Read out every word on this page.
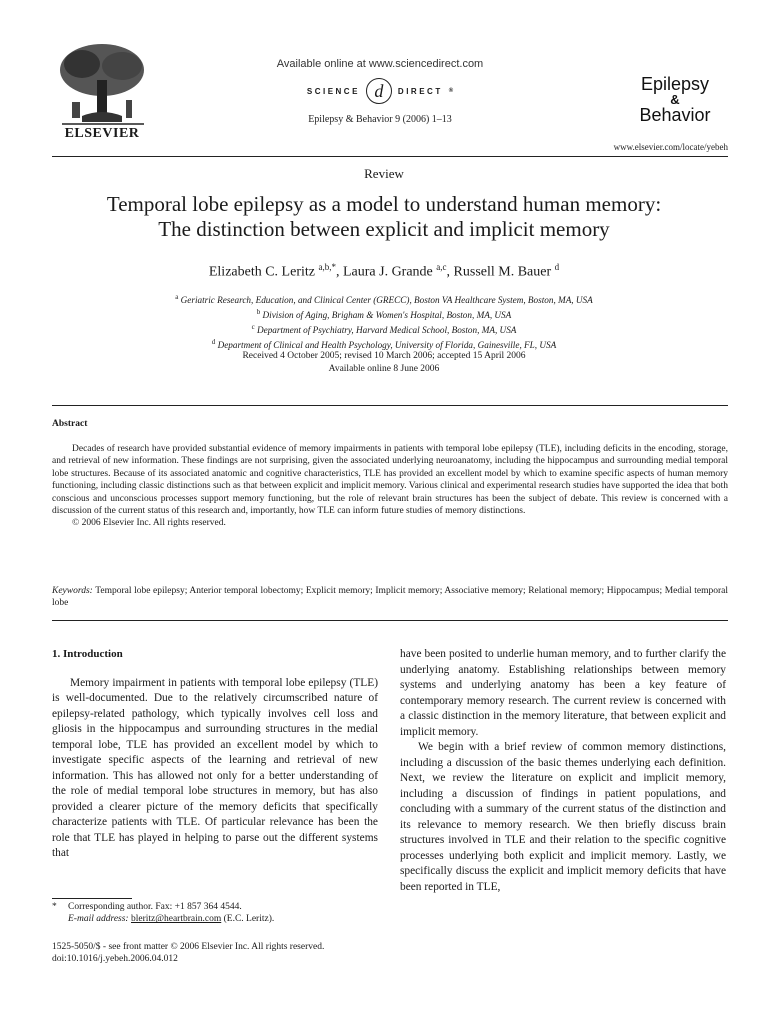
ELSEVIER
Available online at www.sciencedirect.com
SCIENCE d	DIRECT ®
Epilepsy & Behavior 9 (2006) 1–13
Epilepsy
&
Behavior
www.elsevier.com/locate/yebeh
Review
Temporal lobe epilepsy as a model to understand human memory:
The distinction between explicit and implicit memory
Elizabeth C. Leritz $^{a,b,*}$, Laura J. Grande $^{a,c}$, Russell M. Bauer $^d$
$^a$ Geriatric Research, Education, and Clinical Center (GRECC), Boston VA Healthcare System, Boston, MA, USA
$^b$ Division of Aging, Brigham & Women's Hospital, Boston, MA, USA
$^c$ Department of Psychiatry, Harvard Medical School, Boston, MA, USA
$^d$ Department of Clinical and Health Psychology, University of Florida, Gainesville, FL, USA
Received 4 October 2005; revised 10 March 2006; accepted 15 April 2006
Available online 8 June 2006
Abstract
Decades of research have provided substantial evidence of memory impairments in patients with temporal lobe epilepsy (TLE), including deficits in the encoding, storage, and retrieval of new information. These findings are not surprising, given the associated underlying neuroanatomy, including the hippocampus and surrounding medial temporal lobe structures. Because of its associated anatomic and cognitive characteristics, TLE has provided an excellent model by which to examine specific aspects of human memory functioning, including classic distinctions such as that between explicit and implicit memory. Various clinical and experimental research studies have supported the idea that both conscious and unconscious processes support memory functioning, but the role of relevant brain structures has been the subject of debate. This review is concerned with a discussion of the current status of this research and, importantly, how TLE can inform future studies of memory distinctions.
© 2006 Elsevier Inc. All rights reserved.
Keywords: Temporal lobe epilepsy; Anterior temporal lobectomy; Explicit memory; Implicit memory; Associative memory; Relational memory; Hippocampus; Medial temporal lobe
1. Introduction

Memory impairment in patients with temporal lobe epilepsy (TLE) is well-documented. Due to the relatively circumscribed nature of epilepsy-related pathology, which typically involves cell loss and gliosis in the hippocampus and surrounding structures in the medial temporal lobe, TLE has provided an excellent model by which to investigate specific aspects of the learning and retrieval of new information. This has allowed not only for a better understanding of the role of medial temporal lobe structures in memory, but has also provided a clearer picture of the memory deficits that specifically characterize patients with TLE. Of particular relevance has been the role that TLE has played in helping to parse out the different systems that

have been posited to underlie human memory, and to further clarify the underlying anatomy. Establishing relationships between memory systems and underlying anatomy has been a key feature of contemporary memory research. The current review is concerned with a classic distinction in the memory literature, that between explicit and implicit memory.

We begin with a brief review of common memory distinctions, including a discussion of the basic themes underlying each definition. Next, we review the literature on explicit and implicit memory, including a discussion of findings in patient populations, and concluding with a summary of the current status of the distinction and its relevance to memory research. We then briefly discuss brain structures involved in TLE and their relation to the specific cognitive processes underlying both explicit and implicit memory. Lastly, we specifically discuss the explicit and implicit memory deficits that have been reported in TLE,

* Corresponding author. Fax: +1 857 364 4544.
E-mail address: bleritz@heartbrain.com (E.C. Leritz).
1525-5050/$ - see front matter © 2006 Elsevier Inc. All rights reserved.
doi:10.1016/j.yebeh.2006.04.012
